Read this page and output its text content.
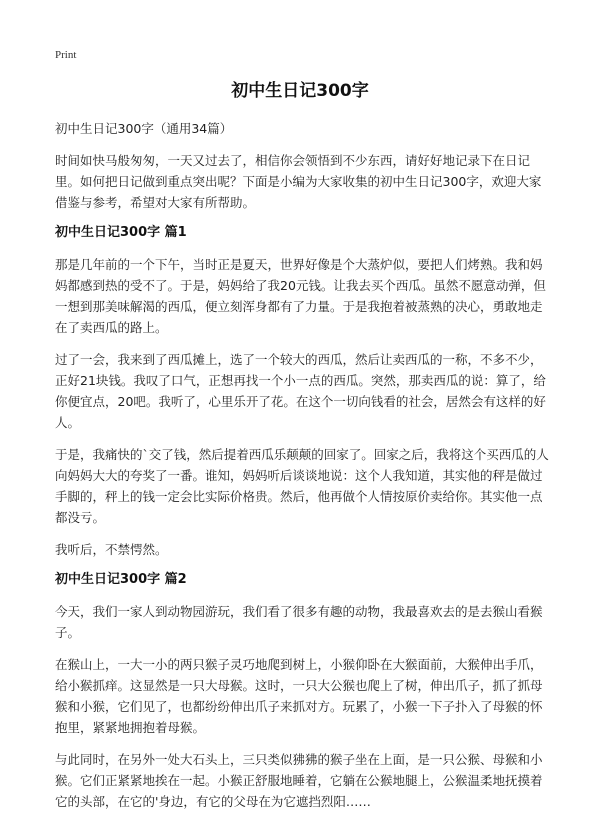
Print
初中生日记300字
初中生日记300字（通用34篇）

时间如快马般匆匆，一天又过去了，相信你会领悟到不少东西，请好好地记录下在日记里。如何把日记做到重点突出呢？下面是小编为大家收集的初中生日记300字，欢迎大家借鉴与参考，希望对大家有所帮助。

初中生日记300字 篇1

那是几年前的一个下午，当时正是夏天，世界好像是个大蒸炉似，要把人们烤熟。我和妈妈都感到热的受不了。于是，妈妈给了我20元钱。让我去买个西瓜。虽然不愿意动弹，但一想到那美味解渴的西瓜，便立刻浑身都有了力量。于是我抱着被蒸熟的决心，勇敢地走在了卖西瓜的路上。

过了一会，我来到了西瓜摊上，选了一个较大的西瓜，然后让卖西瓜的一称，不多不少，正好21块钱。我叹了口气，正想再找一个小一点的西瓜。突然，那卖西瓜的说：算了，给你便宜点，20吧。我听了，心里乐开了花。在这个一切向钱看的社会，居然会有这样的好人。

于是，我痛快的`交了钱，然后提着西瓜乐颠颠的回家了。回家之后，我将这个买西瓜的人向妈妈大大的夸奖了一番。谁知，妈妈听后谈谈地说：这个人我知道，其实他的秤是做过手脚的，秤上的钱一定会比实际价格贵。然后，他再做个人情按原价卖给你。其实他一点都没亏。

我听后，不禁愕然。

初中生日记300字 篇2

今天，我们一家人到动物园游玩，我们看了很多有趣的动物，我最喜欢去的是去猴山看猴子。

在猴山上，一大一小的两只猴子灵巧地爬到树上，小猴仰卧在大猴面前，大猴伸出手爪，给小猴抓痒。这显然是一只大母猴。这时，一只大公猴也爬上了树，伸出爪子，抓了抓母猴和小猴，它们见了，也都纷纷伸出爪子来抓对方。玩累了，小猴一下子扑入了母猴的怀抱里，紧紧地拥抱着母猴。

与此同时，在另外一处大石头上，三只类似狒狒的猴子坐在上面，是一只公猴、母猴和小猴。它们正紧紧地挨在一起。小猴正舒服地睡着，它躺在公猴地腿上，公猴温柔地抚摸着它的头部，在它的'身边，有它的父母在为它遮挡烈阳……
